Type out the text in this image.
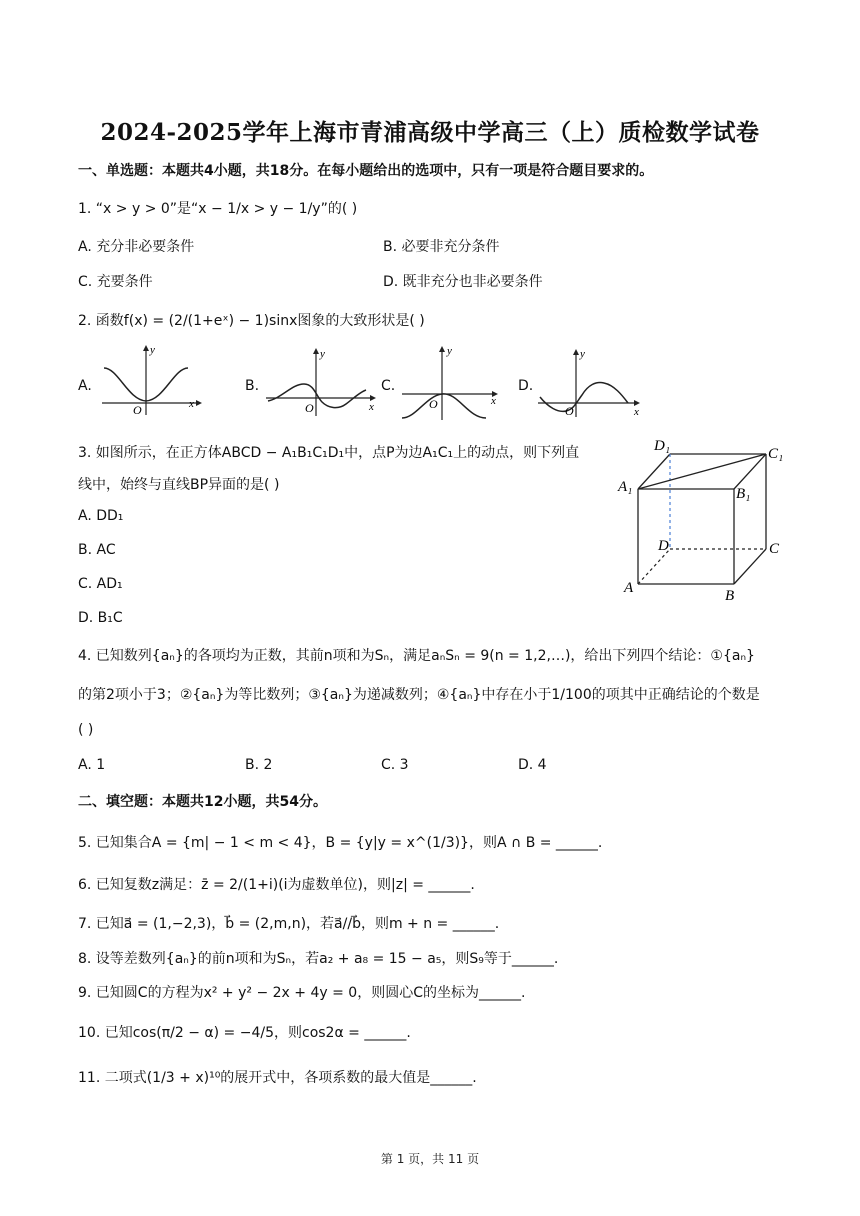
2024-2025学年上海市青浦高级中学高三（上）质检数学试卷
一、单选题：本题共4小题，共18分。在每小题给出的选项中，只有一项是符合题目要求的。
1. “x > y > 0”是“x − 1/x > y − 1/y”的( )
A. 充分非必要条件	B. 必要非充分条件
C. 充要条件	D. 既非充分也非必要条件
2. 函数f(x) = (2/(1+eˣ) − 1)sinx图象的大致形状是( )
A.	B.	C.	D.
y
x
O
y
x
O
y
x
O
y
x
O
3. 如图所示，在正方体ABCD − A₁B₁C₁D₁中，点P为边A₁C₁上的动点，则下列直
线中，始终与直线BP异面的是( )
A. DD₁
B. AC
C. AD₁
D. B₁C
D₁	C₁
A₁	B₁
D	C
A	B
4. 已知数列{aₙ}的各项均为正数，其前n项和为Sₙ，满足aₙSₙ = 9(n = 1,2,…)，给出下列四个结论：①{aₙ}
的第2项小于3；②{aₙ}为等比数列；③{aₙ}为递减数列；④{aₙ}中存在小于1/100的项其中正确结论的个数是
( )
A. 1	B. 2	C. 3	D. 4
二、填空题：本题共12小题，共54分。
5. 已知集合A = {m| − 1 < m < 4}，B = {y|y = x^(1/3)}，则A ∩ B = ______.
6. 已知复数z满足：z̄ = 2/(1+i)(i为虚数单位)，则|z| = ______.
7. 已知a⃗ = (1,−2,3)，b⃗ = (2,m,n)，若a⃗//b⃗，则m + n = ______.
8. 设等差数列{aₙ}的前n项和为Sₙ，若a₂ + a₈ = 15 − a₅，则S₉等于______.
9. 已知圆C的方程为x² + y² − 2x + 4y = 0，则圆心C的坐标为______.
10. 已知cos(π/2 − α) = −4/5，则cos2α = ______.
11. 二项式(1/3 + x)¹⁰的展开式中，各项系数的最大值是______.
第 1 页，共 11 页
